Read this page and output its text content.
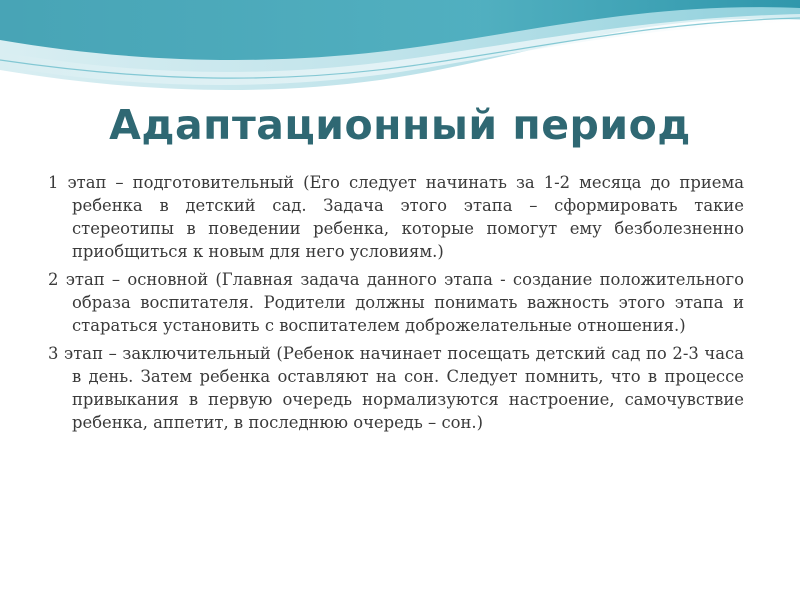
Адаптационный период

1 этап – подготовительный (Его следует начинать за 1-2 месяца до приема ребенка в детский сад. Задача этого этапа – сформировать такие стереотипы в поведении ребенка, которые помогут ему безболезненно приобщиться к новым для него условиям.)

2 этап – основной (Главная задача данного этапа - создание положительного образа воспитателя. Родители должны понимать важность этого этапа и стараться установить с воспитателем доброжелательные отношения.)

3 этап – заключительный (Ребенок начинает посещать детский сад по 2-3 часа в день. Затем ребенка оставляют на сон. Следует помнить, что в процессе привыкания в первую очередь нормализуются настроение, самочувствие ребенка, аппетит, в последнюю очередь – сон.)
